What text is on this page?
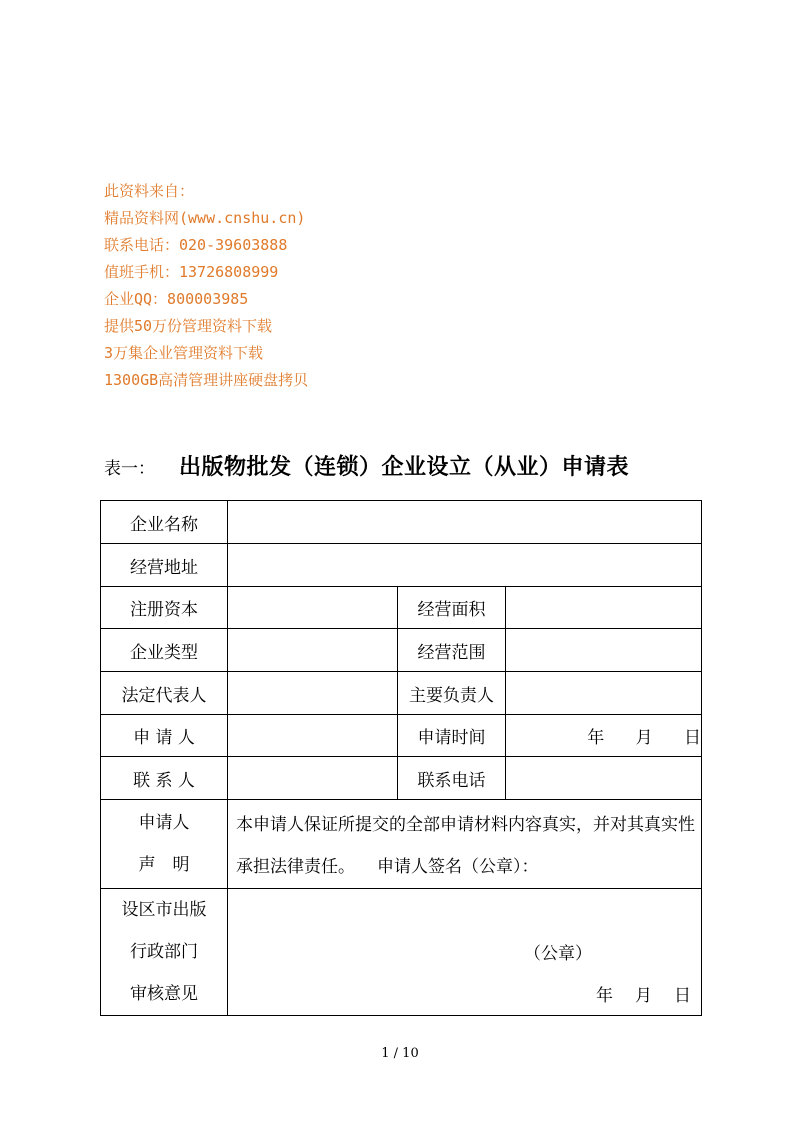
此资料来自：
精品资料网(www.cnshu.cn)
联系电话：020-39603888
值班手机：13726808999
企业QQ：800003985
提供50万份管理资料下载
3万集企业管理资料下载
1300GB高清管理讲座硬盘拷贝
表一： 出版物批发（连锁）企业设立（从业）申请表
企业名称			
经营地址			
注册资本		经营面积	
企业类型		经营范围	
法定代表人		主要负责人	
申 请 人		申请时间	年 月 日
联 系 人		联系电话	

申请人
声　明	本申请人保证所提交的全部申请材料内容真实，并对其真实性承担法律责任。 申请人签名（公章）：		

设区市出版
行政部门
审核意见	（公章）
年 月 日		
1 / 10
